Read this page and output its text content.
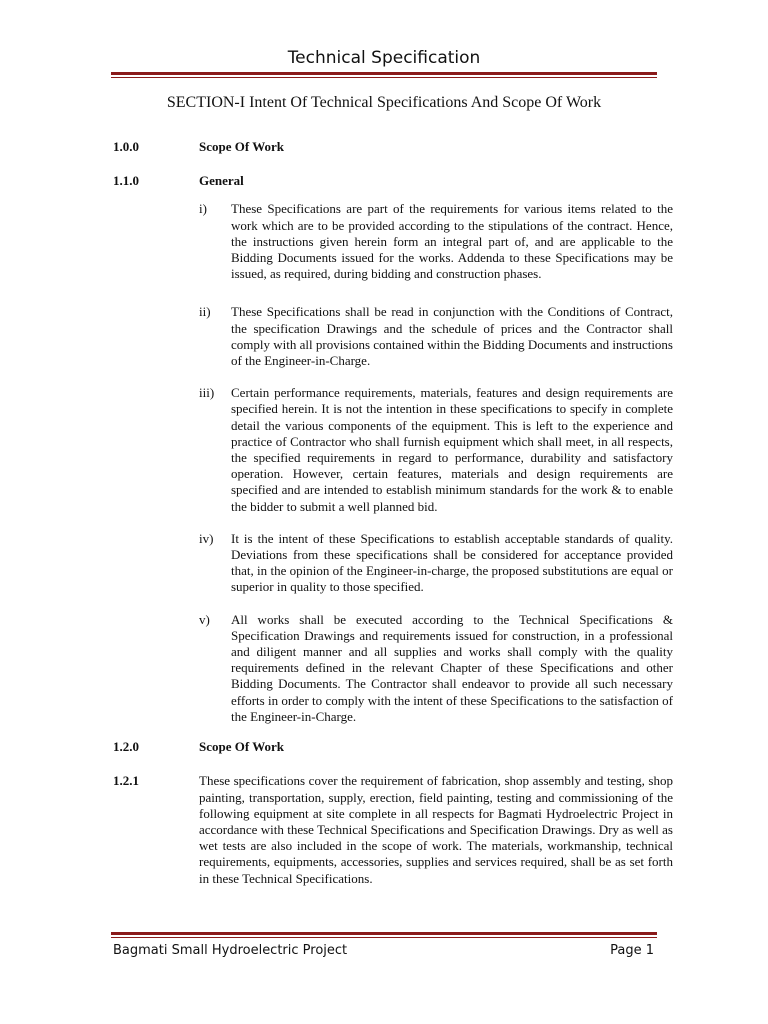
Technical Specification
SECTION-I Intent Of Technical Specifications And Scope Of Work
1.0.0	Scope Of Work
1.1.0	General
i)	These Specifications are part of the requirements for various items related to the work which are to be provided according to the stipulations of the contract. Hence, the instructions given herein form an integral part of, and are applicable to the Bidding Documents issued for the works. Addenda to these Specifications may be issued, as required, during bidding and construction phases.
ii)	These Specifications shall be read in conjunction with the Conditions of Contract, the specification Drawings and the schedule of prices and the Contractor shall comply with all provisions contained within the Bidding Documents and instructions of the Engineer-in-Charge.
iii)	Certain performance requirements, materials, features and design requirements are specified herein. It is not the intention in these specifications to specify in complete detail the various components of the equipment. This is left to the experience and practice of Contractor who shall furnish equipment which shall meet, in all respects, the specified requirements in regard to performance, durability and satisfactory operation. However, certain features, materials and design requirements are specified and are intended to establish minimum standards for the work & to enable the bidder to submit a well planned bid.
iv)	It is the intent of these Specifications to establish acceptable standards of quality. Deviations from these specifications shall be considered for acceptance provided that, in the opinion of the Engineer-in-charge, the proposed substitutions are equal or superior in quality to those specified.
v)	All works shall be executed according to the Technical Specifications & Specification Drawings and requirements issued for construction, in a professional and diligent manner and all supplies and works shall comply with the quality requirements defined in the relevant Chapter of these Specifications and other Bidding Documents. The Contractor shall endeavor to provide all such necessary efforts in order to comply with the intent of these Specifications to the satisfaction of the Engineer-in-Charge.
1.2.0	Scope Of Work
1.2.1	These specifications cover the requirement of fabrication, shop assembly and testing, shop painting, transportation, supply, erection, field painting, testing and commissioning of the following equipment at site complete in all respects for Bagmati Hydroelectric Project in accordance with these Technical Specifications and Specification Drawings. Dry as well as wet tests are also included in the scope of work. The materials, workmanship, technical requirements, equipments, accessories, supplies and services required, shall be as set forth in these Technical Specifications.
Bagmati Small Hydroelectric Project	Page 1
